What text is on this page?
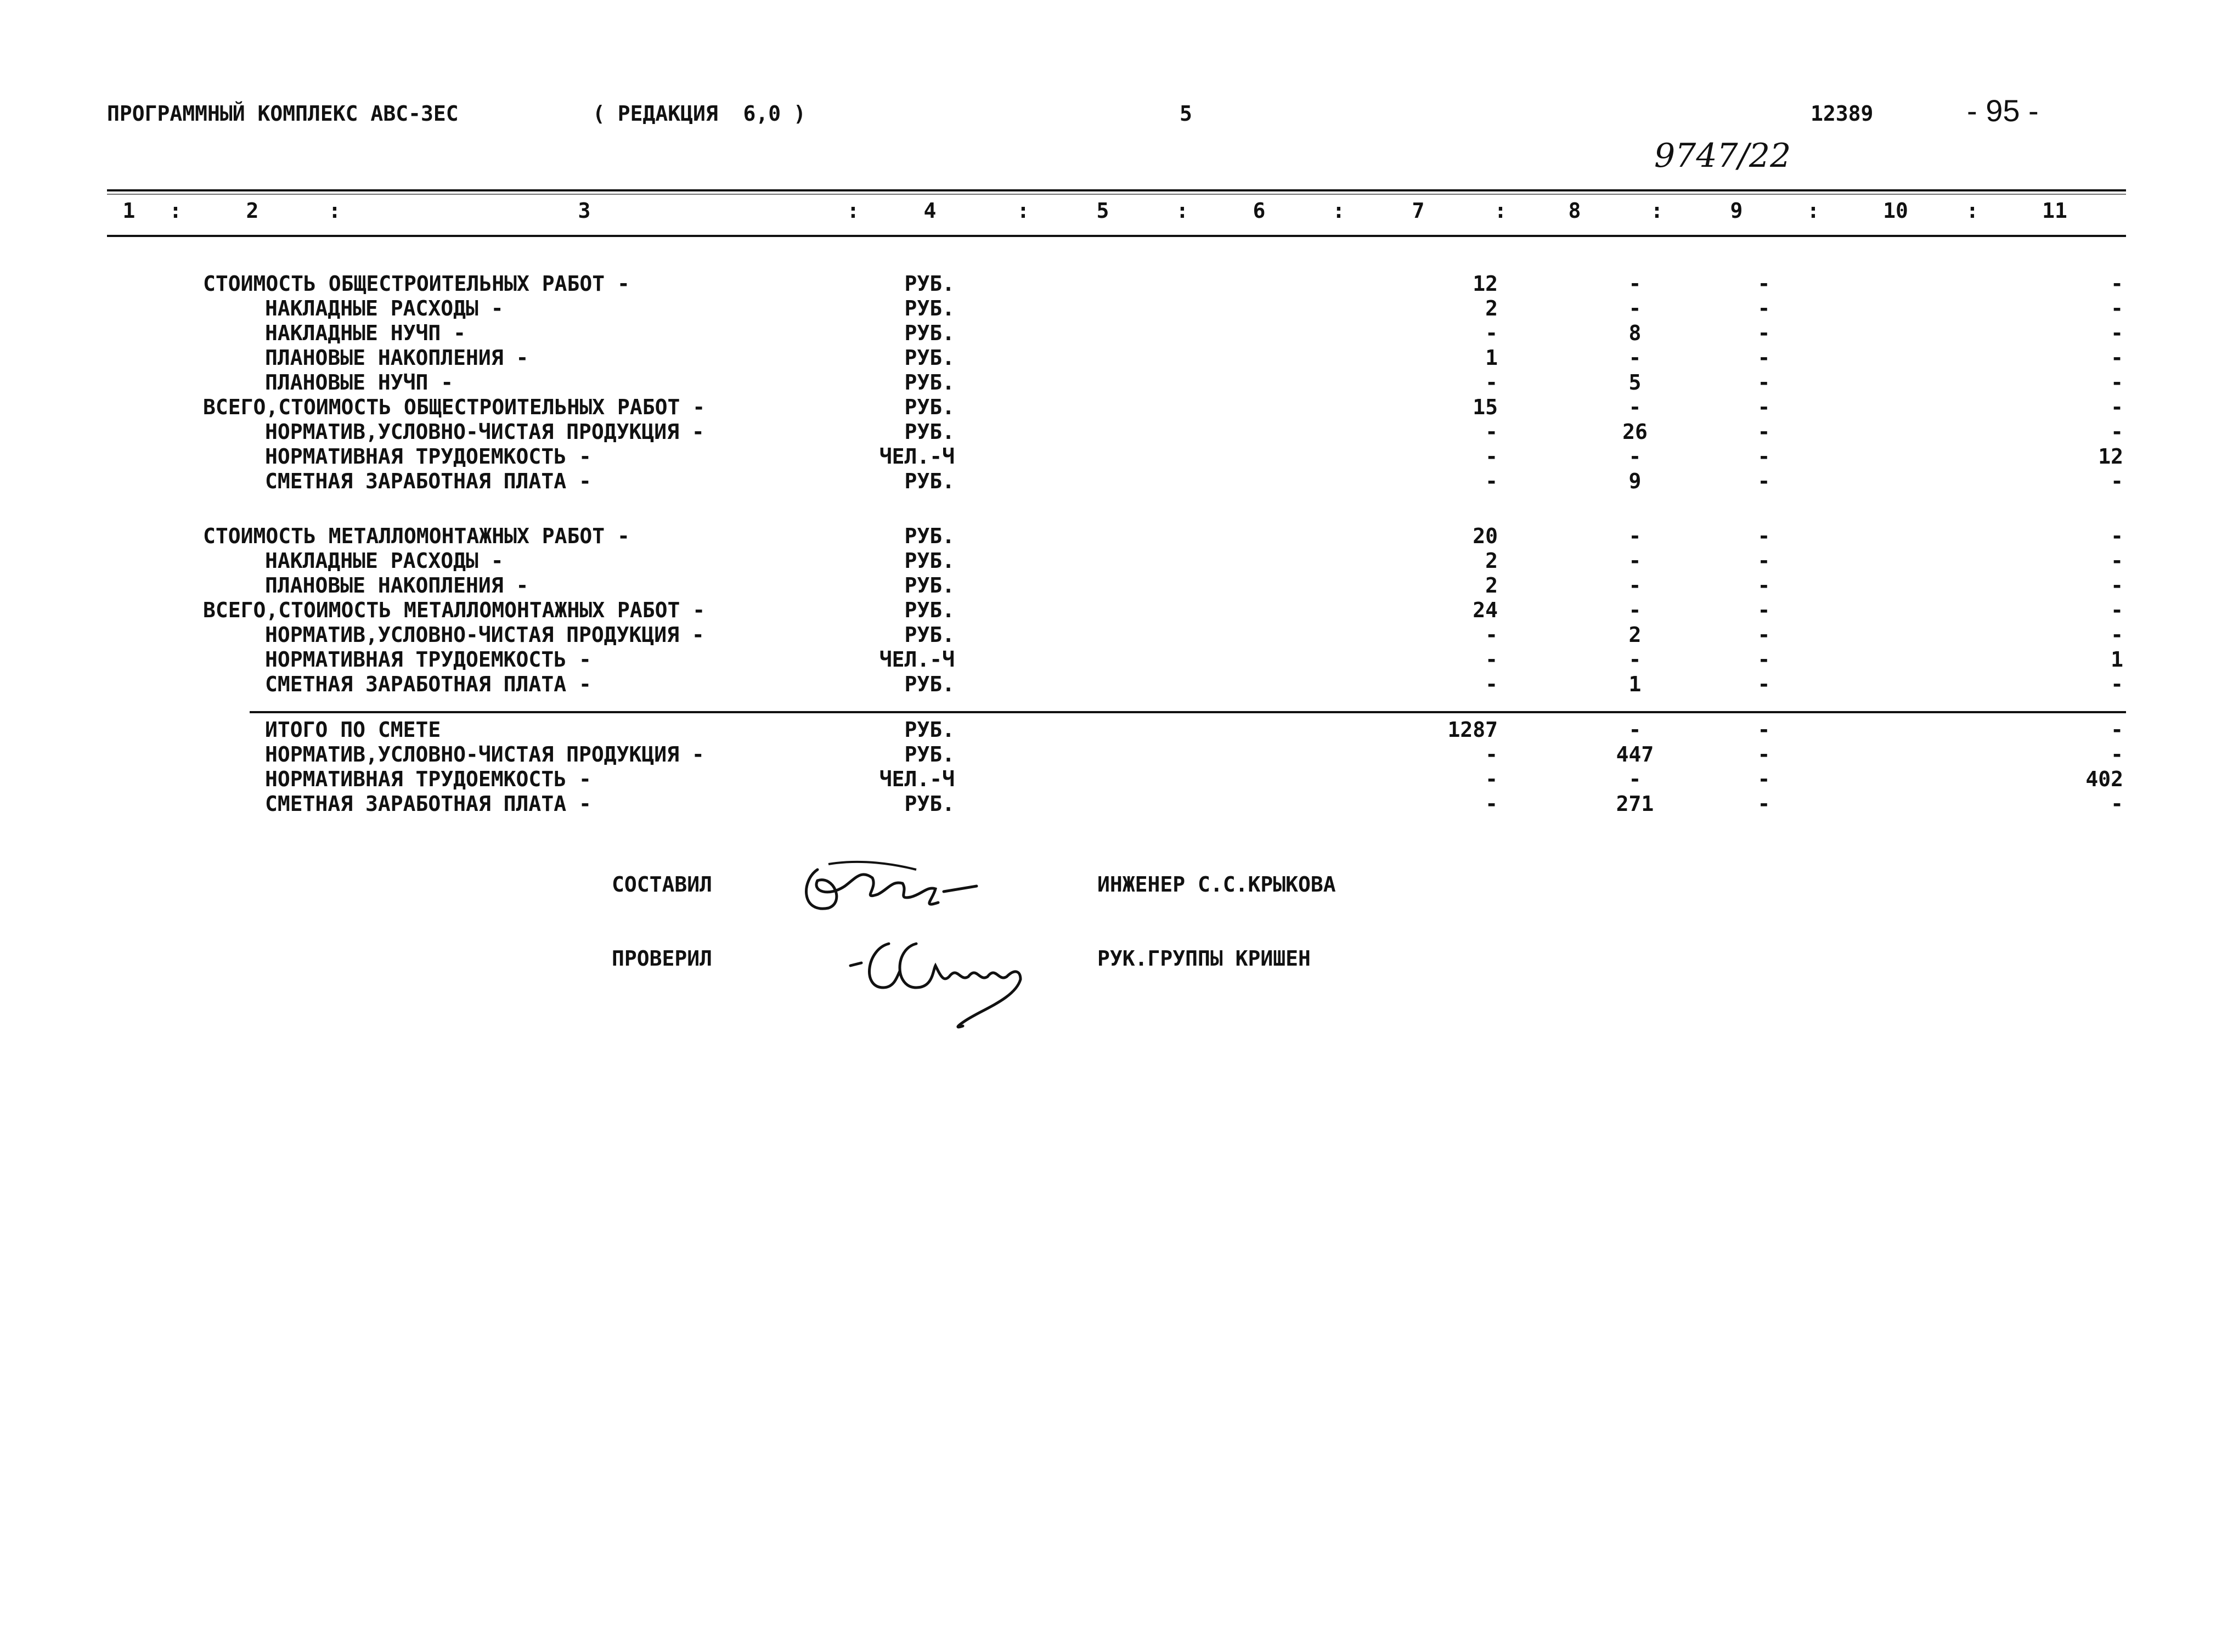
ПРОГРАММНЫЙ КОМПЛЕКС АВС-3ЕС	( РЕДАКЦИЯ  6,0 )	5	12389	- 95 -
9747/22
1	:	2	:	3	:	4	:	5	:	6	:	7	:	8	:	9	:	10	:	11
СТОИМОСТЬ ОБЩЕСТРОИТЕЛЬНЫХ РАБОТ -	РУБ.	12	-	-	-
НАКЛАДНЫЕ РАСХОДЫ -	РУБ.	2	-	-	-
НАКЛАДНЫЕ НУЧП -	РУБ.	-	8	-	-
ПЛАНОВЫЕ НАКОПЛЕНИЯ -	РУБ.	1	-	-	-
ПЛАНОВЫЕ НУЧП -	РУБ.	-	5	-	-
ВСЕГО,СТОИМОСТЬ ОБЩЕСТРОИТЕЛЬНЫХ РАБОТ -	РУБ.	15	-	-	-
НОРМАТИВ,УСЛОВНО-ЧИСТАЯ ПРОДУКЦИЯ -	РУБ.	-	26	-	-
НОРМАТИВНАЯ ТРУДОЕМКОСТЬ -	ЧЕЛ.-Ч	-	-	-	12
СМЕТНАЯ ЗАРАБОТНАЯ ПЛАТА -	РУБ.	-	9	-	-
СТОИМОСТЬ МЕТАЛЛОМОНТАЖНЫХ РАБОТ -	РУБ.	20	-	-	-
НАКЛАДНЫЕ РАСХОДЫ -	РУБ.	2	-	-	-
ПЛАНОВЫЕ НАКОПЛЕНИЯ -	РУБ.	2	-	-	-
ВСЕГО,СТОИМОСТЬ МЕТАЛЛОМОНТАЖНЫХ РАБОТ -	РУБ.	24	-	-	-
НОРМАТИВ,УСЛОВНО-ЧИСТАЯ ПРОДУКЦИЯ -	РУБ.	-	2	-	-
НОРМАТИВНАЯ ТРУДОЕМКОСТЬ -	ЧЕЛ.-Ч	-	-	-	1
СМЕТНАЯ ЗАРАБОТНАЯ ПЛАТА -	РУБ.	-	1	-	-
ИТОГО ПО СМЕТЕ	РУБ.	1287	-	-	-
НОРМАТИВ,УСЛОВНО-ЧИСТАЯ ПРОДУКЦИЯ -	РУБ.	-	447	-	-
НОРМАТИВНАЯ ТРУДОЕМКОСТЬ -	ЧЕЛ.-Ч	-	-	-	402
СМЕТНАЯ ЗАРАБОТНАЯ ПЛАТА -	РУБ.	-	271	-	-
СОСТАВИЛ	ИНЖЕНЕР С.С.КРЫКОВА
ПРОВЕРИЛ	РУК.ГРУППЫ КРИШЕН
